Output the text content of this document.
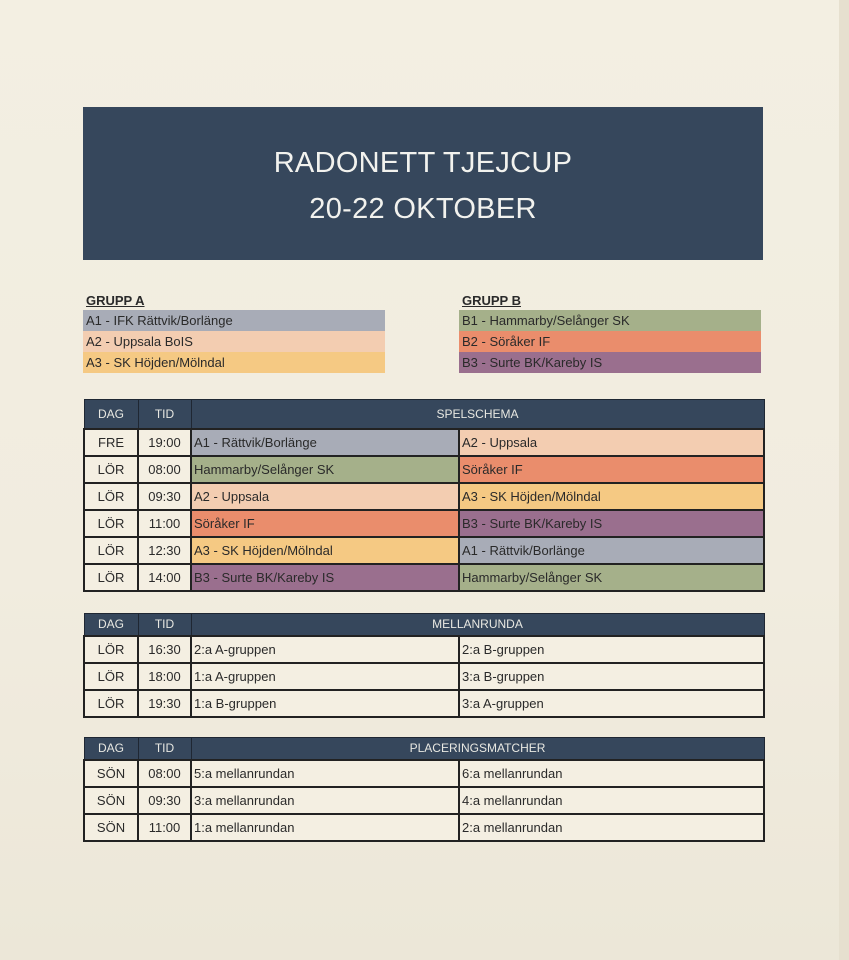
RADONETT TJEJCUP
20-22 OKTOBER
GRUPP A
A1 - IFK Rättvik/Borlänge
A2 - Uppsala BoIS
A3 - SK Höjden/Mölndal
GRUPP B
B1 - Hammarby/Selånger SK
B2 - Söråker IF
B3 - Surte BK/Kareby IS
DAG	TID	SPELSCHEMA	
FRE	19:00	A1 - Rättvik/Borlänge	A2 - Uppsala
LÖR	08:00	Hammarby/Selånger SK	Söråker IF
LÖR	09:30	A2 - Uppsala	A3 - SK Höjden/Mölndal
LÖR	11:00	Söråker IF	B3 - Surte BK/Kareby IS
LÖR	12:30	A3 - SK Höjden/Mölndal	A1 - Rättvik/Borlänge
LÖR	14:00	B3 - Surte BK/Kareby IS	Hammarby/Selånger SK
DAG	TID	MELLANRUNDA	
LÖR	16:30	2:a A-gruppen	2:a B-gruppen
LÖR	18:00	1:a A-gruppen	3:a B-gruppen
LÖR	19:30	1:a B-gruppen	3:a A-gruppen
DAG	TID	PLACERINGSMATCHER	
SÖN	08:00	5:a mellanrundan	6:a mellanrundan
SÖN	09:30	3:a mellanrundan	4:a mellanrundan
SÖN	11:00	1:a mellanrundan	2:a mellanrundan
